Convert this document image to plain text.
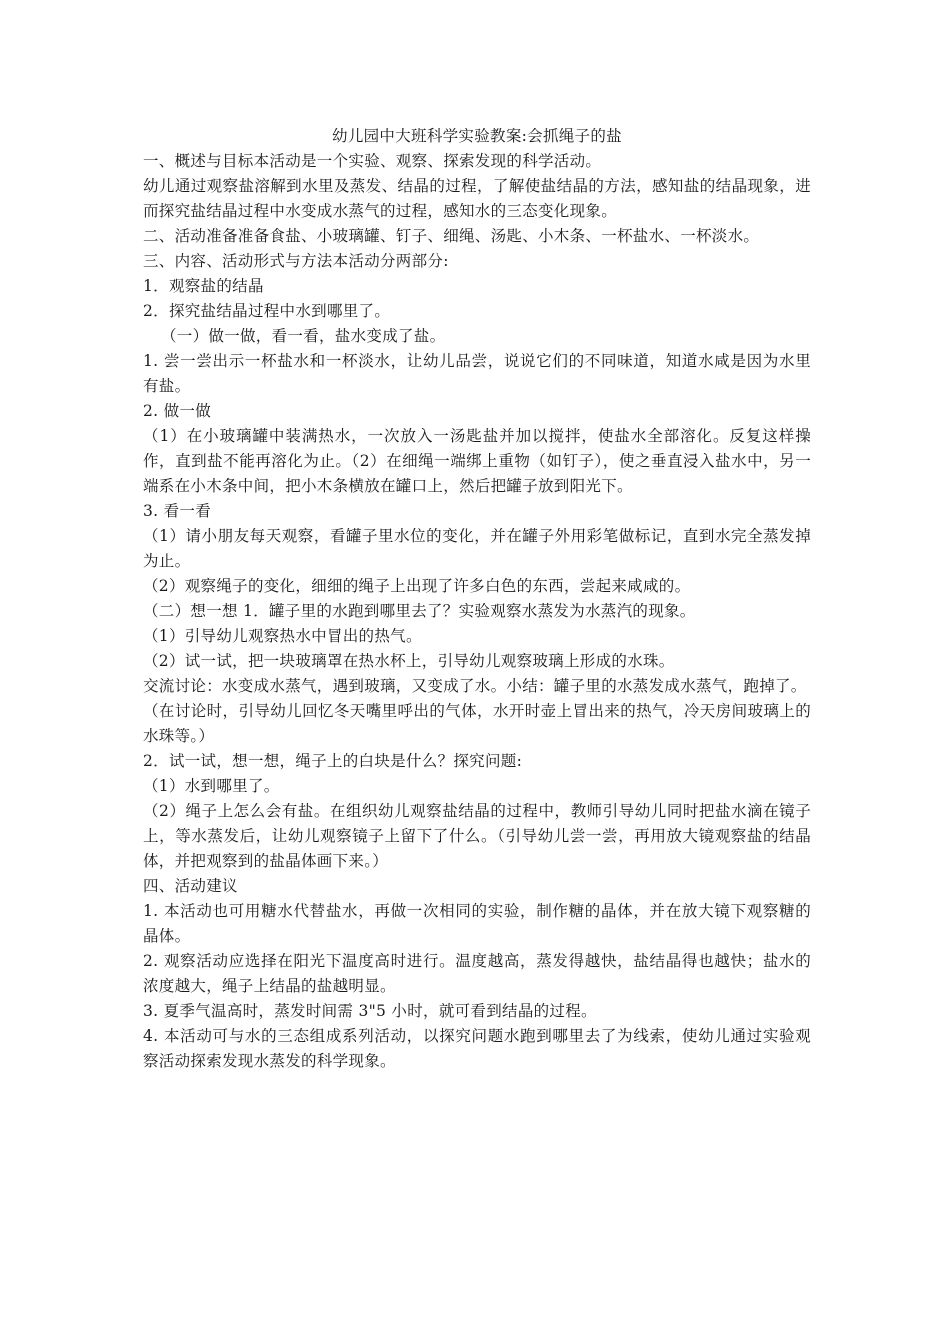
幼儿园中大班科学实验教案:会抓绳子的盐

一、概述与目标本活动是一个实验、观察、探索发现的科学活动。

幼儿通过观察盐溶解到水里及蒸发、结晶的过程，了解使盐结晶的方法，感知盐的结晶现象，进而探究盐结晶过程中水变成水蒸气的过程，感知水的三态变化现象。

二、活动准备准备食盐、小玻璃罐、钉子、细绳、汤匙、小木条、一杯盐水、一杯淡水。

三、内容、活动形式与方法本活动分两部分:

1．观察盐的结晶

2．探究盐结晶过程中水到哪里了。

（一）做一做，看一看，盐水变成了盐。

1. 尝一尝出示一杯盐水和一杯淡水，让幼儿品尝，说说它们的不同味道，知道水咸是因为水里有盐。

2. 做一做

（1）在小玻璃罐中装满热水，一次放入一汤匙盐并加以搅拌，使盐水全部溶化。反复这样操作，直到盐不能再溶化为止。（2）在细绳一端绑上重物（如钉子），使之垂直浸入盐水中，另一端系在小木条中间，把小木条横放在罐口上，然后把罐子放到阳光下。

3. 看一看

（1）请小朋友每天观察，看罐子里水位的变化，并在罐子外用彩笔做标记，直到水完全蒸发掉为止。

（2）观察绳子的变化，细细的绳子上出现了许多白色的东西，尝起来咸咸的。

（二）想一想 1．罐子里的水跑到哪里去了？实验观察水蒸发为水蒸汽的现象。

（1）引导幼儿观察热水中冒出的热气。

（2）试一试，把一块玻璃罩在热水杯上，引导幼儿观察玻璃上形成的水珠。

交流讨论：水变成水蒸气，遇到玻璃，又变成了水。小结：罐子里的水蒸发成水蒸气，跑掉了。

（在讨论时，引导幼儿回忆冬天嘴里呼出的气体，水开时壶上冒出来的热气，冷天房间玻璃上的水珠等。）

2．试一试，想一想，绳子上的白块是什么？探究问题:

（1）水到哪里了。

（2）绳子上怎么会有盐。在组织幼儿观察盐结晶的过程中，教师引导幼儿同时把盐水滴在镜子上，等水蒸发后，让幼儿观察镜子上留下了什么。（引导幼儿尝一尝，再用放大镜观察盐的结晶体，并把观察到的盐晶体画下来。）

四、活动建议

1. 本活动也可用糖水代替盐水，再做一次相同的实验，制作糖的晶体，并在放大镜下观察糖的晶体。

2. 观察活动应选择在阳光下温度高时进行。温度越高，蒸发得越快，盐结晶得也越快；盐水的浓度越大，绳子上结晶的盐越明显。

3. 夏季气温高时，蒸发时间需 3"5 小时，就可看到结晶的过程。

4. 本活动可与水的三态组成系列活动，以探究问题水跑到哪里去了为线索，使幼儿通过实验观察活动探索发现水蒸发的科学现象。
